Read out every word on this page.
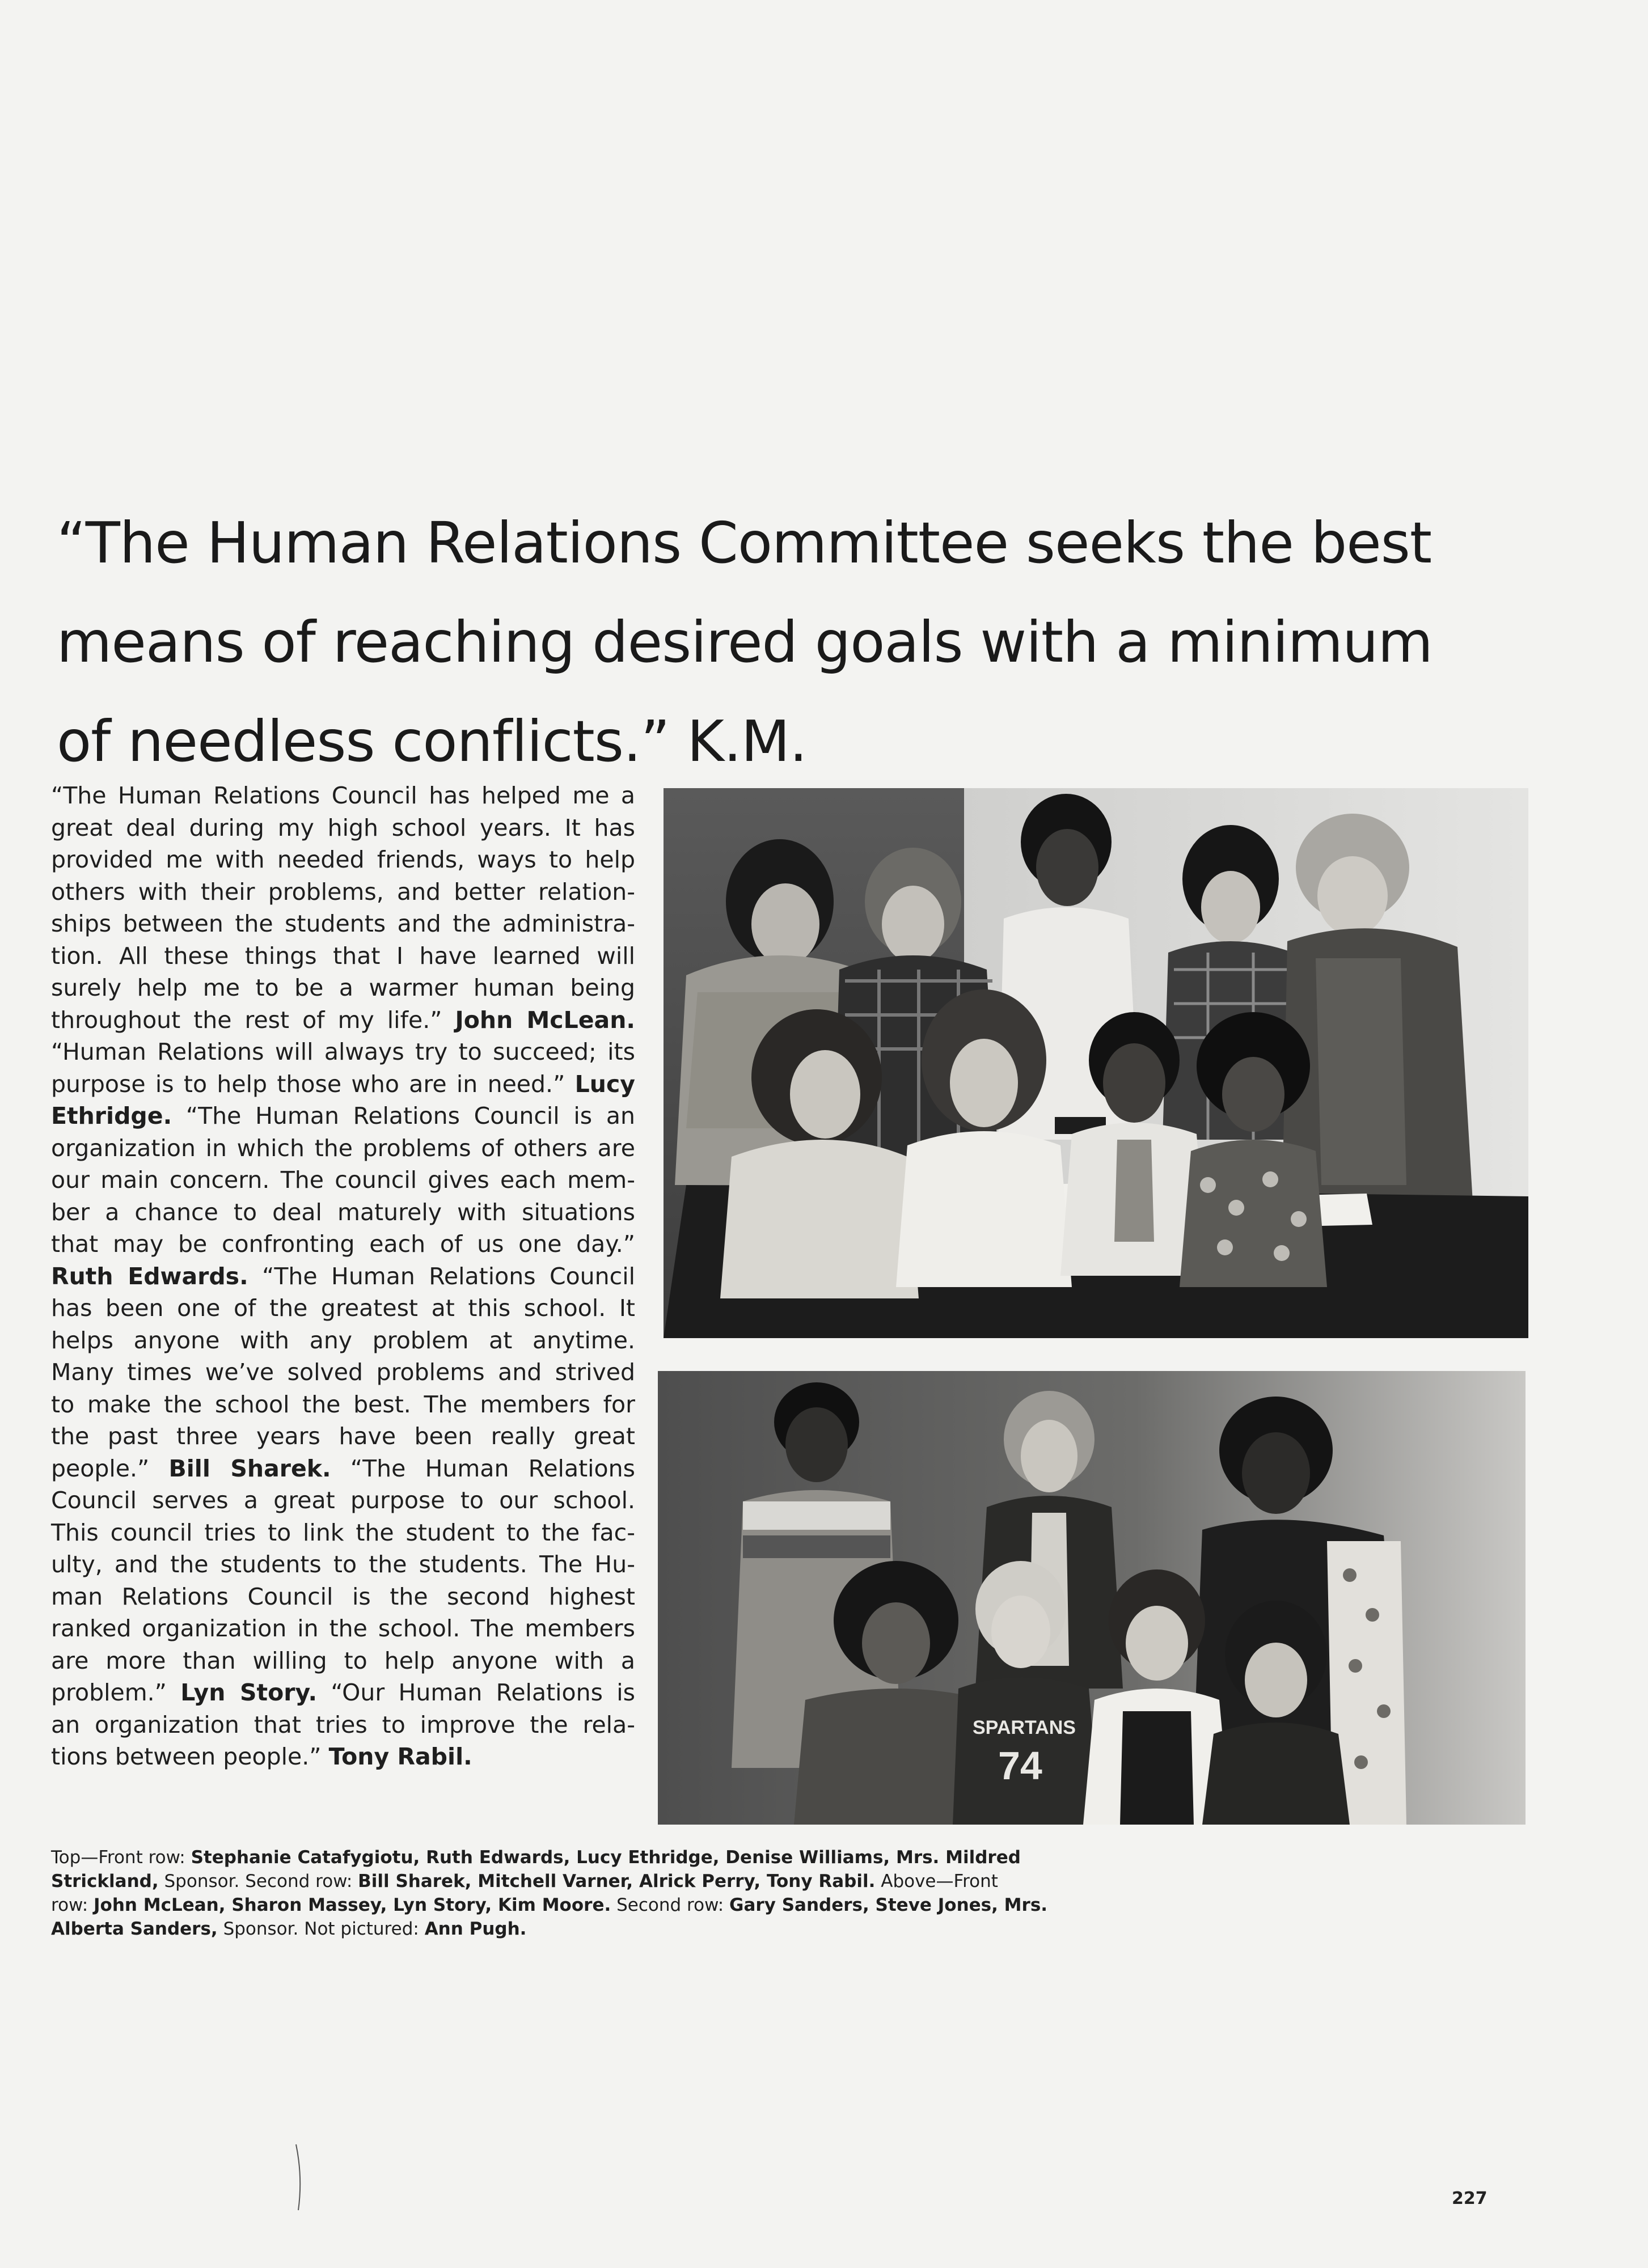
“The Human Relations Committee seeks the best
means of reaching desired goals with a minimum
of needless conflicts.” K.M.
“The Human Relations Council has helped me a
great deal during my high school years. It has
provided me with needed friends, ways to help
others with their problems, and better relation-
ships between the students and the administra-
tion. All these things that I have learned will
surely help me to be a warmer human being
throughout the rest of my life.” John McLean.
“Human Relations will always try to succeed; its
purpose is to help those who are in need.” Lucy
Ethridge. “The Human Relations Council is an
organization in which the problems of others are
our main concern. The council gives each mem-
ber a chance to deal maturely with situations
that may be confronting each of us one day.”
Ruth Edwards. “The Human Relations Council
has been one of the greatest at this school. It
helps anyone with any problem at anytime.
Many times we’ve solved problems and strived
to make the school the best. The members for
the past three years have been really great
people.” Bill Sharek. “The Human Relations
Council serves a great purpose to our school.
This council tries to link the student to the fac-
ulty, and the students to the students. The Hu-
man Relations Council is the second highest
ranked organization in the school. The members
are more than willing to help anyone with a
problem.” Lyn Story. “Our Human Relations is
an organization that tries to improve the rela-
tions between people.” Tony Rabil.
SPARTANS
74
Top—Front row: Stephanie Catafygiotu, Ruth Edwards, Lucy Ethridge, Denise Williams, Mrs. Mildred
Strickland, Sponsor. Second row: Bill Sharek, Mitchell Varner, Alrick Perry, Tony Rabil. Above—Front
row: John McLean, Sharon Massey, Lyn Story, Kim Moore. Second row: Gary Sanders, Steve Jones, Mrs.
Alberta Sanders, Sponsor. Not pictured: Ann Pugh.
227
